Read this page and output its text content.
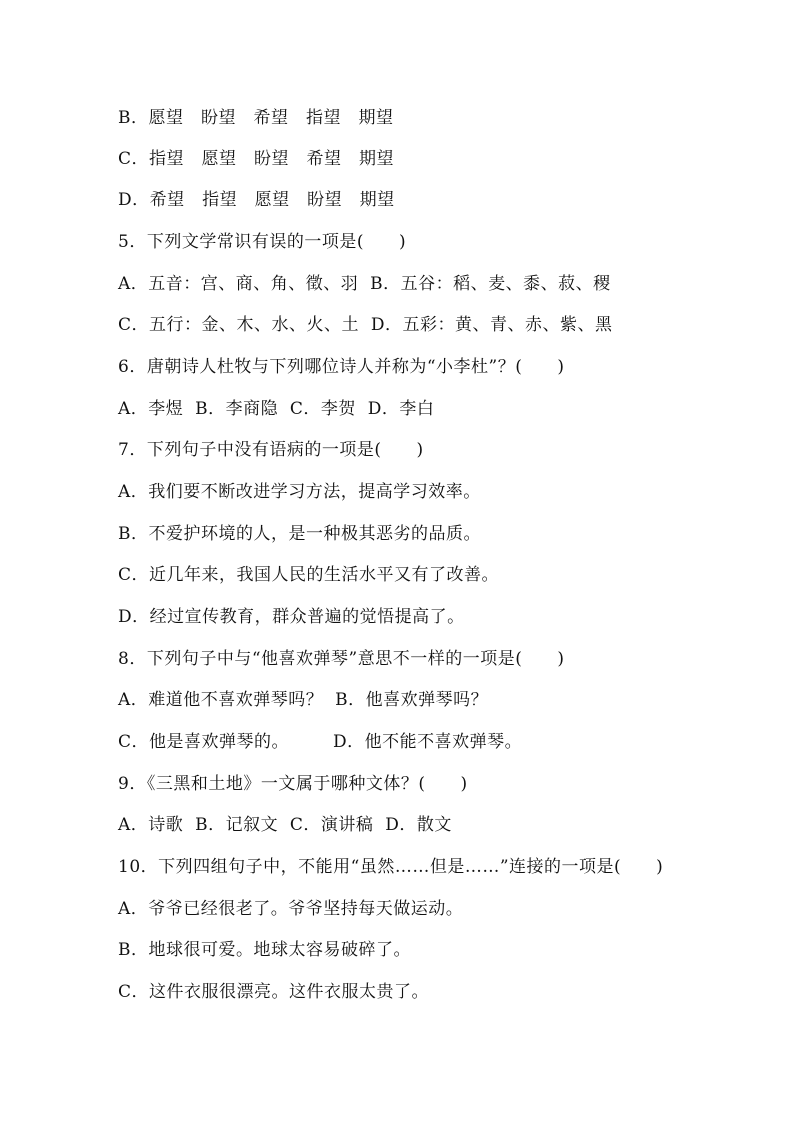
B．愿望　盼望　希望　指望　期望
C．指望　愿望　盼望　希望　期望
D．希望　指望　愿望　盼望　期望
5．下列文学常识有误的一项是(　　)
A．五音：宫、商、角、徵、羽  B．五谷：稻、麦、黍、菽、稷
C．五行：金、木、水、火、土  D．五彩：黄、青、赤、紫、黑
6．唐朝诗人杜牧与下列哪位诗人并称为“小李杜”？(　　)
A．李煜  B．李商隐  C．李贺  D．李白
7．下列句子中没有语病的一项是(　　)
A．我们要不断改进学习方法，提高学习效率。
B．不爱护环境的人，是一种极其恶劣的品质。
C．近几年来，我国人民的生活水平又有了改善。
D．经过宣传教育，群众普遍的觉悟提高了。
8．下列句子中与“他喜欢弹琴”意思不一样的一项是(　　)
A．难道他不喜欢弹琴吗？  B．他喜欢弹琴吗？
C．他是喜欢弹琴的。　　　D．他不能不喜欢弹琴。
9．《三黑和土地》一文属于哪种文体？(　　)
A．诗歌  B．记叙文  C．演讲稿  D．散文
10．下列四组句子中，不能用“虽然……但是……”连接的一项是(　　)
A．爷爷已经很老了。爷爷坚持每天做运动。
B．地球很可爱。地球太容易破碎了。
C．这件衣服很漂亮。这件衣服太贵了。
